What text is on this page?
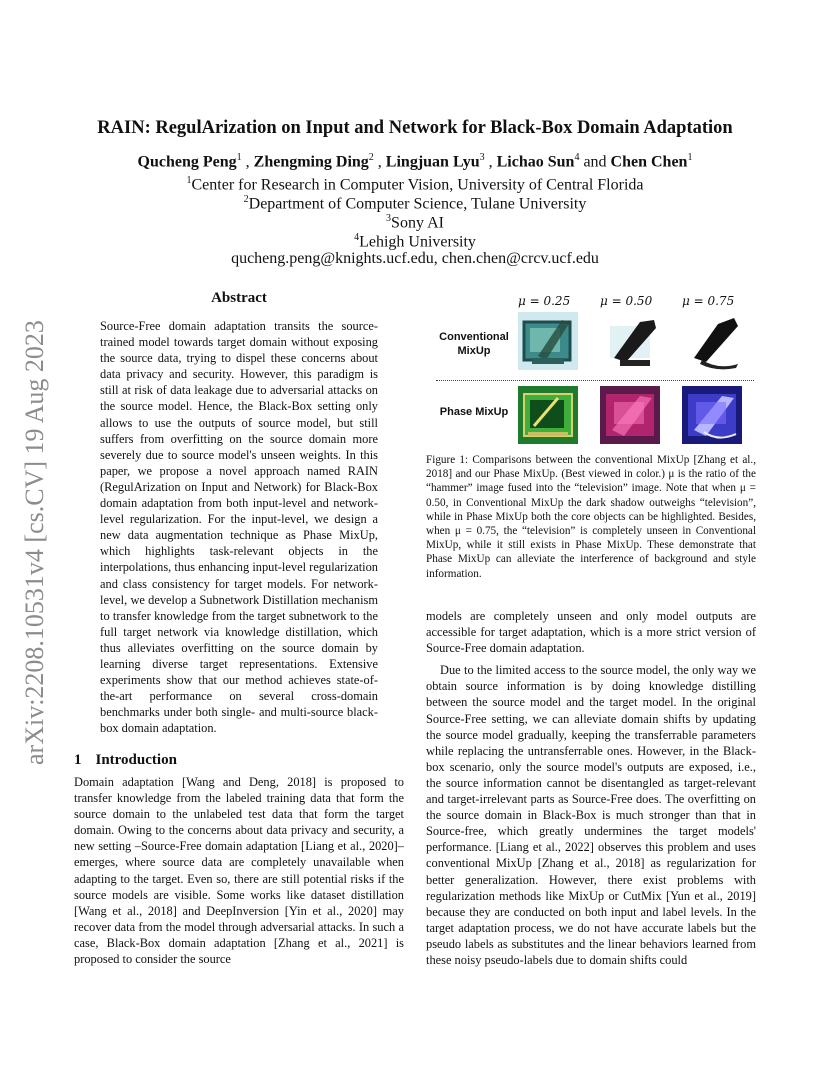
arXiv:2208.10531v4 [cs.CV] 19 Aug 2023
RAIN: RegulArization on Input and Network for Black-Box Domain Adaptation
Qucheng Peng$^1$ , Zhengming Ding$^2$ , Lingjuan Lyu$^3$ , Lichao Sun$^4$ and Chen Chen$^1$
$^1$Center for Research in Computer Vision, University of Central Florida
$^2$Department of Computer Science, Tulane University
$^3$Sony AI
$^4$Lehigh University
qucheng.peng@knights.ucf.edu, chen.chen@crcv.ucf.edu
Abstract
Source-Free domain adaptation transits the source-trained model towards target domain without exposing the source data, trying to dispel these concerns about data privacy and security. However, this paradigm is still at risk of data leakage due to adversarial attacks on the source model. Hence, the Black-Box setting only allows to use the outputs of source model, but still suffers from overfitting on the source domain more severely due to source model's unseen weights. In this paper, we propose a novel approach named RAIN (RegulArization on Input and Network) for Black-Box domain adaptation from both input-level and network-level regularization. For the input-level, we design a new data augmentation technique as Phase MixUp, which highlights task-relevant objects in the interpolations, thus enhancing input-level regularization and class consistency for target models. For network-level, we develop a Subnetwork Distillation mechanism to transfer knowledge from the target subnetwork to the full target network via knowledge distillation, which thus alleviates overfitting on the source domain by learning diverse target representations. Extensive experiments show that our method achieves state-of-the-art performance on several cross-domain benchmarks under both single- and multi-source black-box domain adaptation.
1 Introduction
Domain adaptation [Wang and Deng, 2018] is proposed to transfer knowledge from the labeled training data that form the source domain to the unlabeled test data that form the target domain. Owing to the concerns about data privacy and security, a new setting –Source-Free domain adaptation [Liang et al., 2020]– emerges, where source data are completely unavailable when adapting to the target. Even so, there are still potential risks if the source models are visible. Some works like dataset distillation [Wang et al., 2018] and DeepInversion [Yin et al., 2020] may recover data from the model through adversarial attacks. In such a case, Black-Box domain adaptation [Zhang et al., 2021] is proposed to consider the source
μ = 0.25 μ = 0.50 μ = 0.75
Conventional MixUp
Phase MixUp
Figure 1: Comparisons between the conventional MixUp [Zhang et al., 2018] and our Phase MixUp. (Best viewed in color.) μ is the ratio of the “hammer” image fused into the “television” image. Note that when μ = 0.50, in Conventional MixUp the dark shadow outweighs “television”, while in Phase MixUp both the core objects can be highlighted. Besides, when μ = 0.75, the “television” is completely unseen in Conventional MixUp, while it still exists in Phase MixUp. These demonstrate that Phase MixUp can alleviate the interference of background and style information.

models are completely unseen and only model outputs are accessible for target adaptation, which is a more strict version of Source-Free domain adaptation.

Due to the limited access to the source model, the only way we obtain source information is by doing knowledge distilling between the source model and the target model. In the original Source-Free setting, we can alleviate domain shifts by updating the source model gradually, keeping the transferrable parameters while replacing the untransferrable ones. However, in the Black-box scenario, only the source model's outputs are exposed, i.e., the source information cannot be disentangled as target-relevant and target-irrelevant parts as Source-Free does. The overfitting on the source domain in Black-Box is much stronger than that in Source-free, which greatly undermines the target models' performance. [Liang et al., 2022] observes this problem and uses conventional MixUp [Zhang et al., 2018] as regularization for better generalization. However, there exist problems with regularization methods like MixUp or CutMix [Yun et al., 2019] because they are conducted on both input and label levels. In the target adaptation process, we do not have accurate labels but the pseudo labels as substitutes and the linear behaviors learned from these noisy pseudo-labels due to domain shifts could
